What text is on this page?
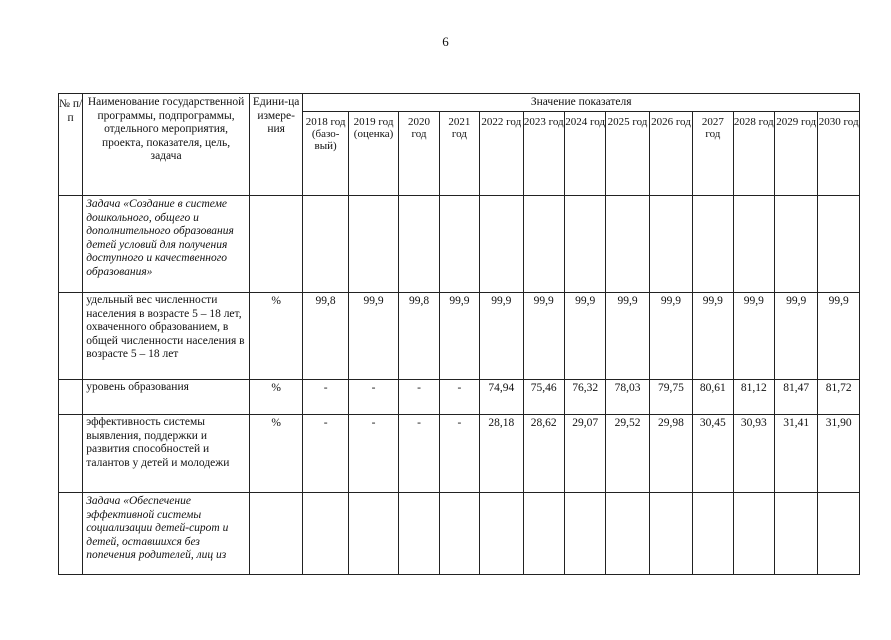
6
№ п/п	Наименование государственной программы, подпрограммы, отдельного мероприятия, проекта, показателя, цель, задача	Едини-ца измере-ния	Значение показателя												
			2018 год (базо-вый)	2019 год (оценка)	2020 год	2021 год	2022 год	2023 год	2024 год	2025 год	2026 год	2027 год	2028 год	2029 год	2030 год
	Задача «Создание в системе дошкольного, общего и дополнительного образования детей условий для получения доступного и качественного образования»														
	удельный вес численности населения в возрасте 5 – 18 лет, охваченного образованием, в общей численности населения в возрасте 5 – 18 лет	%	99,8	99,9	99,8	99,9	99,9	99,9	99,9	99,9	99,9	99,9	99,9	99,9	99,9
	уровень образования	%	-	-	-	-	74,94	75,46	76,32	78,03	79,75	80,61	81,12	81,47	81,72
	эффективность системы выявления, поддержки и развития способностей и талантов у детей и молодежи	%	-	-	-	-	28,18	28,62	29,07	29,52	29,98	30,45	30,93	31,41	31,90
	Задача «Обеспечение эффективной системы социализации детей-сирот и детей, оставшихся без попечения родителей, лиц из														
